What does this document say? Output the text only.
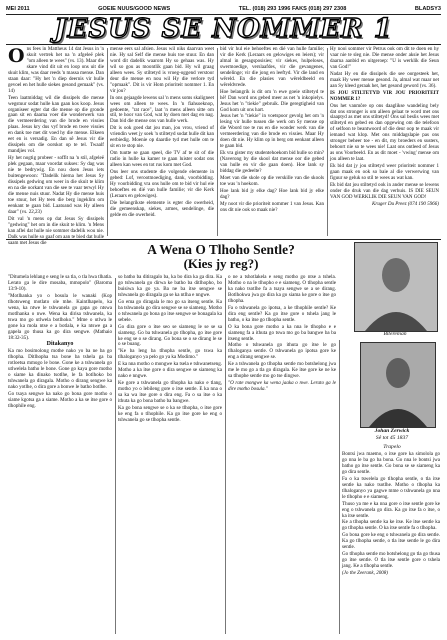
MEI 2011	GOEIE NUUS/GOOD NEWS	TEL. (018) 293 1996 FAKS (018) 297 2308	BLADSY3
JESUS SE NOMMER 1
O ns fees in Mattheus 14 dat Jesus in 'n skuit vertrek het na 'n afgeleë plek "om alleen te wees" (vs. 13). Maar die skare vind dit uit en loop ons uit die skuit klim, was daar reeds 'n massa mense. Dan staan daar: "Hy het 'n diep deernis vir hulle gevoel en het hulle siekes gesond gemaak" (vs. 14)

Teen laatmiddag wil die dissipels die mense wegstuur sodat hulle kan gaan kos koop. Jesus organiseer egter dat die mense op die gronde gaan sit en daarna voer die wonderwerk van die vermeerdering van die brode en vissies plaas. Jesus kry dus vyf brode en twee vissies en dank toe met dit voed hy die mense. Elkeen eet en is versadig. En dan sê Jesus vir die dissipels om die oorskot op te tel. Twaalf mandjies vol.

Hy het nogtig probeer - soffit na 'n stil, afgeleë plek gegaan, maar voordat sukses: Sy dag was nie te bedrywig. En nou doen Jesus iets buitengewoon: "Dadelik hierna het Jesus Sy dissipels gedwing om weer in die skuit te klim en na die oorkant van die see te vaar terwyl Hy die mense nuis stuur. Nadat Hy die mense huis toe stuur, het Hy teen die berg ingeklim om eenkant te gaan bid. Laatoand was Hy alleen daar" (vs. 22,23)

Dit val 'n mens op dat Jesus Sy dissipels "gedwing" het om in die skuit te klim. 'n Mens kan aflei dat hulle nie sommer dadelik wou nie. Dalk was hulle so gaaf om aan te bied dat hulle saam met Jesus die

mense eers sal afsien. Jesus wil niks daarvan weet nie. Hy sal Self die mense huis toe stuur. En dan word dit dadelik waarom Hy so gehaas was. Hy wil so gou as moontlik gaan bid. Hy wil graag alleen wees. Sy stiltetyd is vroeg-oggend verstoor deur die mense en nou wil Hy die verlore tyd "opmaak". Dit is vir Hom prioriteit nommer 1. En vir jou?

In ons gejaagde lewens sal 'n mens soms skaligneet wees om alleen te wees. In 'n fiahsoeknop, gedoente, "rat race", laat 'n mens alleen sitte om stil, te hoor van God, wat hy doen met dag en nag. Dan bid die mense ons van hulle werk.

Dit is ook goed dat jou man, jou vrou, vriend of vriendin weet jy soek 'n stiltetyd sodat hulle dit kan eerbiedig. Moenie op daardie tyd met hulle om te sit en te stop nie.

Om tuutte se gaan speel, die TV af te sit of die radio in hulle ka kamer te gaan luister sodat ons alleen kan wees en tot rus kom met God.

Ons leer ons studente die volgende elemente in gebed: Lof, verootmoediging, dank, voorbidding. Hy voorbidding vra ons hulle om te bid vir hul eie behoeftes en dié van hulle familie; vir die Kerk (Leraars en gelowiges).

Die belangrikste elemente is egter die owerheid, die gemeenskap, siekes, armes, sendelinge, die gelde en die owerheid.

bid vir hul eie behoeftes en dié van hulle familie; vir die Kerk (Leraars en gelowiges en leiers); vir almal in gesagsposisies; vir siekes, hulpeloses, swermoedige, verslaafdes, vir die gevangenes, sendelinge; vir die jong en leeftyd. Vir die land en wêreld. En die plasies van wêreldbeeld en wêreldvrede.

Hoe belangrik is dit om 'n ewe goeie stiltetyd te hê! Dan word ons gebed meer as net 'n inkopielys. Jesus het 'n "tiekie" gebruik. Die geregtigheid van God kom uit ons hart.

Jesus het 'n "tiekie" in voetspoor gevolg het om 'n lesing vir hulle tussen die werk om Sy mense op die Woord toe te rus en die wonder werk van die vermeerdering van die brode en vissies. Maar Hy doen dit nie. Hy klim op in berg om eenkant alleen te gaan bid.

Ek vra gister my studentehoekom bid hulle so min? (Naverong by die skool dat mense oor die gebed van hulle en vir die gaan doen). Hoe lank sy biddag die gedeelte?

Moet van die skole op die verskille van die skools toe was 'n hoekom.

Hoe lank bid jy elke dag? Hoe lank bid jy elke dag?

My noot vir die prioriteit nommer 1 van Jesus. Kan ons dit nie ook so maak nie?

Hy nooi sommer vir Petrus ook om dit te doen en hy vaar nie te sleg nie. Die mense onder aksie het Jesus daarna aanbid en uitgeroep: "U is werklik die Seun van God!"

Nadat Hy en die dissipels die see oorgesteek het, maak Hy weer mense gesond. Ja, almal wat maar net aan Sy kleed geraak het, het gesond geword (vs. 36).

IS JOU STILTETYD VIR JOU PRIORITEIT NOMMER 1?

Ons het vanmôre op ons daaglikse wandeling bely dat ons stronger is om alleen gelaat te word met ons slaaptyd as met ons stiltetyd! Ons sal beslis wees met stiltetyd en gebed en dan opgewing om die telefoon of selfoon te beantwoord of die deur oop te maak vir iemand wat klop. Met ons middagslapie pas ons stronger beheer toe - en dit, my broeders en susters, behoort nie so te wees nie! Laat ons ontleed of Jesus as ons Voorbeeld. En as dit moet - 'vwing' mense om jou alleen te laat.

Ek bid dat jy jou stiltetyd weer prioriteit nommer 1 gaan maak en ook so baie al die verwerwing van figuur se geluk so stil te wees as wat kan.

Ek bid dat jou stiltetyd ook in ander mense se lewens onder die druk van die dag verhuis. IS DIE SEUN VAN GOD WERKLIK DIE SEUN VAN GOD!

Kruger Du Preez (074 190 5966)

A Wena O Tlhoho Sentle?
(Kies jy reg?)
Bitereman

"Ditumela lehlang e seng le sa tla, o tla hwa tlhatla. Lerato ga le dire mosaba, mmopolo" (Baroma 13:9-10).

"Motlhanka yo o bosula le wanaki (Kop tlhotsweng motlato ole mhe. Kaintlhapelo, ka wena, ka ntwe le tshwanela go gapa go ntswa motlhanka o nwe. Wena ka dirisa tshwanela, ka tswa mo go utlwela botlhoko." Mme o utlwa le gone ka mola ntse e a botlala, e ka ntswe ga a gapela go thusa ka go dira sengwe. (Mathaio 18:32-35).

Ditakanyo

Ka mo bosimolong mothe nako yo ba ne ba go tlhopha. Ditlhopha tsa bone ba tshela ga ba rotloetsa mmogo le bone. Gone ke a tshwanela go utlwelela batho le bone. Gone go kaya gore motho o siame ka dinako tsotlhe, le fa botlhoko bo tshwanela go diragala. Motho o dirang sengwe ka nako yotlhe, o dira gore a bonwe le batho botlhe.

Go tsaya sengwe ka nako go bona gore motho o siame kgotsa ga a siame. Motho a ka se itse gore o tlhophile eng.

so batho ba ditiragalo ba, ka bo dira ka ga dira. Ka go tshwanela go dirwa ke batho ba ditlhopho, bo buisiwa ka go ya. Ba ne ba itse sengwe se tshwanela go diragala ga se ka ntlha e nngwe.

Go ema go diragala le mo go sa itseng sentle. Ka ba tshwanela go dira sengwe se se siameng. Motho o tshwanela go bona go itse sengwe se bonagala ka sebele.

Go dira gore o itse seo se siameng le se se sa siameng. Go ba tshwanela go tlhopha, go itse gore ke eng se o se dirang. Go bona se o se dirang le se o se buang.

"Ke ba leng ba tlhopha sentle, go tswa ka tlhaloganyo ya pelo go ya ka Modimo."

E ka nna motho o mongwe ka tsela e tshwanetseng. Motho a ka itse gore o dira sengwe se siameng ka nako e nngwe.

Ke gore a tshwanela go tlhopha ka nako e tlang, motho yo o lebileng gore o itse sentle. E ka nna o sa ka wa itse gore o dira eng. Fa o sa itse o ka ithuta ka go bona batho ba bangwe.

Ka go bona sengwe se o ka se tlhopha, o itse gore ke eng fa o tlhophile. Ka go itse gore ke eng o tshwanela go se tlhopha sentle.

o ne a tshotlakela e seng motho go ntse a tshela. Motho o na le tlhopho e e siameng. O tlhopha sentle ka nako tsotlhe fa a tsaya sengwe se a se dirang. Botlhokwa jwa go dira ka go siama ke gore o itse go tlhopha.

Fa o tshwanela go ipotsa, a ke tlhophile sentle? Ke dira eng sentle? Ka go itse gore o tshela jang le batho, o ka itse go tlhopha sentle.

O ka bona gore motho a ka nna le tlhopho e e siameng fa a ithuta go tswa mo go ba bangwe ba ba itseng sentle.

Motho o tshwanela go ithuta go itse le go tlhaloganya sentle. O tshwanela go ipotsa gore ke eng a dirang sengwe se.

Ke a tshwanela go tlhopha sentle mo botshelong jwa me le mo go a tla go diragala. Ke itse gore ke ne ke sa tlhophe sentle mo go tse dingwe.

"O rate mongwe ka wena jaaka o nwe. Lerato ga le dire motho bosula."

Johan Zerwick
Sê tot 45 1837
Trapelo

Bontsi jwa maemo, o itse gore ka simolola go go nna le ba go ba bona. Go nna le bontsi jwa batho go itse sentle. Go bona se se siameng ka go dira sentle.

Fa o ka tswelela go tlhopha sentle, o tla itse sentle ka nako tsotlhe. Motho o tlhopha ka tlhaloganyo ya gagwe mme o tshwanela go nna le tlhopho e e siameng.

Thuso ya me e ka nna gore o itse sentle gore ke eng o tshwanela go dira. Ka go itse fa o itse, o ka itse sentle.

Ke a tlhopha sentle ka ke itse. Ke itse sentle ka go tlhopha sentle. O ka itse sentle fa o tlhopha.

Go bona gore ke eng o tshwanela go dira sentle. Ka go tlhopha sentle, o tla itse sentle le go dira sentle.

Go tlhopha sentle mo botshelong go tla go thusa go itse sentle. O tla itse sentle gore o tshela jang. Ke a tlhopha sentle.

(Jo the Zeerank, 2008)
